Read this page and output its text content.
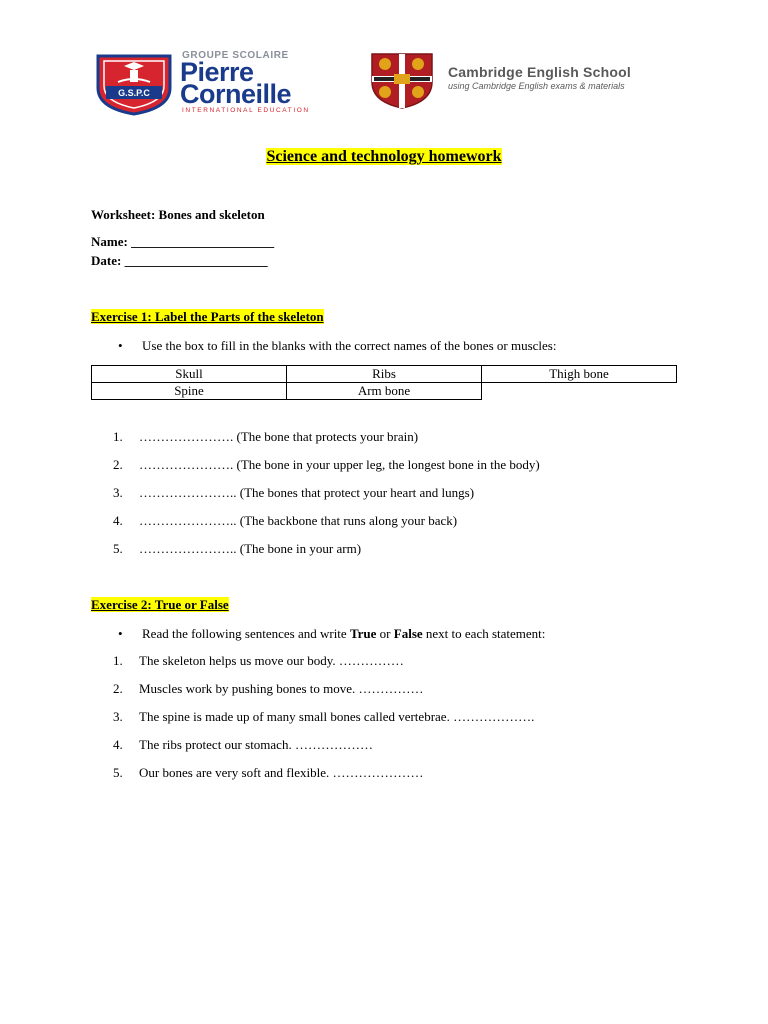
G.S.P.C
GROUPE SCOLAIRE
Pierre
Corneille
INTERNATIONAL EDUCATION
Cambridge English School
using Cambridge English exams & materials
Science and technology homework
Worksheet: Bones and skeleton
Name: ______________________
Date: ______________________
Exercise 1: Label the Parts of the skeleton
• Use the box to fill in the blanks with the correct names of the bones or muscles:
Skull	Ribs	Thigh bone
Spine	Arm bone	
1. …………………. (The bone that protects your brain)
2. …………………. (The bone in your upper leg, the longest bone in the body)
3. ………………….. (The bones that protect your heart and lungs)
4. ………………….. (The backbone that runs along your back)
5. ………………….. (The bone in your arm)
Exercise 2: True or False
• Read the following sentences and write True or False next to each statement:
1. The skeleton helps us move our body. ……………
2. Muscles work by pushing bones to move. ……………
3. The spine is made up of many small bones called vertebrae. ……………….
4. The ribs protect our stomach. ………………
5. Our bones are very soft and flexible. …………………
